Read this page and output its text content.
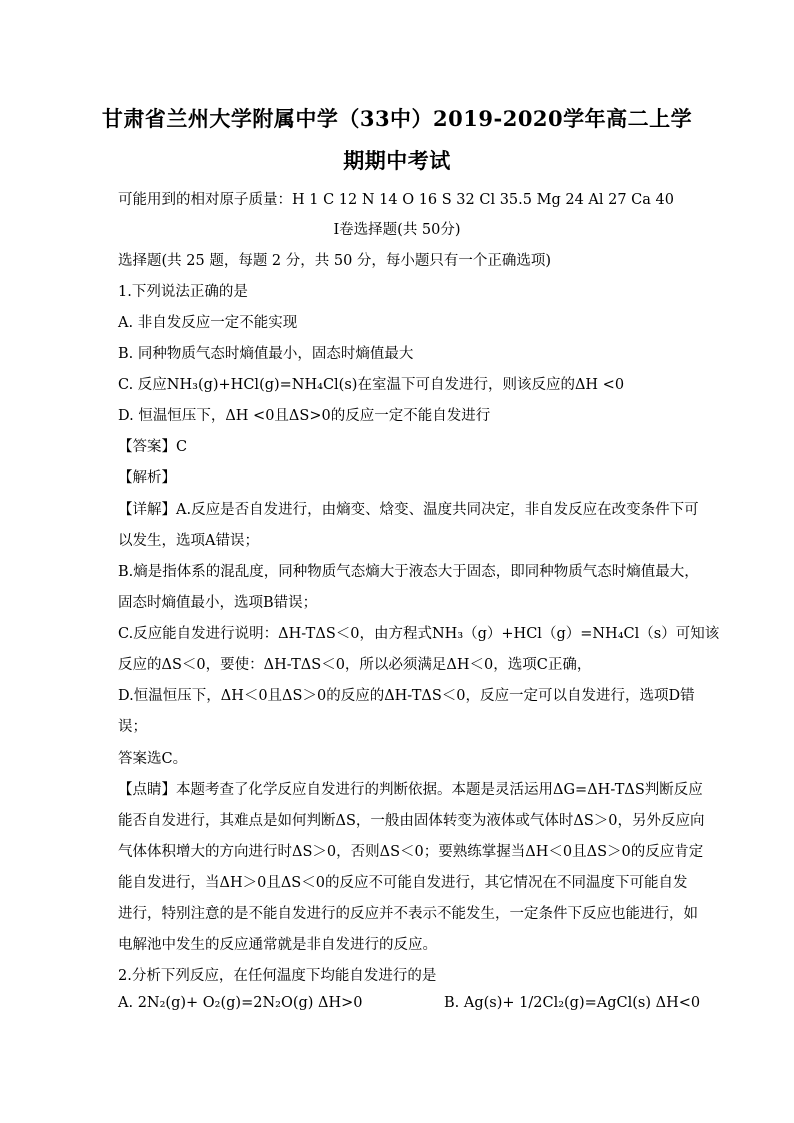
甘肃省兰州大学附属中学（33中）2019-2020学年高二上学
期期中考试
可能用到的相对原子质量：H 1 C 12 N 14 O 16 S 32 Cl 35.5 Mg 24 Al 27 Ca 40
I卷选择题(共 50分)
选择题(共 25 题，每题 2 分，共 50 分，每小题只有一个正确选项)
1.下列说法正确的是
A. 非自发反应一定不能实现
B. 同种物质气态时熵值最小，固态时熵值最大
C. 反应NH₃(g)+HCl(g)=NH₄Cl(s)在室温下可自发进行，则该反应的ΔH <0
D. 恒温恒压下，ΔH <0且ΔS>0的反应一定不能自发进行
【答案】C
【解析】
【详解】A.反应是否自发进行，由熵变、焓变、温度共同决定，非自发反应在改变条件下可
以发生，选项A错误；
B.熵是指体系的混乱度，同种物质气态熵大于液态大于固态，即同种物质气态时熵值最大，
固态时熵值最小，选项B错误；
C.反应能自发进行说明：ΔH-TΔS＜0，由方程式NH₃（g）+HCl（g）=NH₄Cl（s）可知该
反应的ΔS＜0，要使：ΔH-TΔS＜0，所以必须满足ΔH＜0，选项C正确，
D.恒温恒压下，ΔH＜0且ΔS＞0的反应的ΔH-TΔS＜0，反应一定可以自发进行，选项D错
误；
答案选C。
【点睛】本题考查了化学反应自发进行的判断依据。本题是灵活运用ΔG=ΔH-TΔS判断反应
能否自发进行，其难点是如何判断ΔS，一般由固体转变为液体或气体时ΔS＞0，另外反应向
气体体积增大的方向进行时ΔS＞0，否则ΔS＜0；要熟练掌握当ΔH＜0且ΔS＞0的反应肯定
能自发进行，当ΔH＞0且ΔS＜0的反应不可能自发进行，其它情况在不同温度下可能自发
进行，特别注意的是不能自发进行的反应并不表示不能发生，一定条件下反应也能进行，如
电解池中发生的反应通常就是非自发进行的反应。
2.分析下列反应，在任何温度下均能自发进行的是
A. 2N₂(g)+ O₂(g)=2N₂O(g) ΔH>0	B. Ag(s)+ 1/2Cl₂(g)=AgCl(s) ΔH<0
